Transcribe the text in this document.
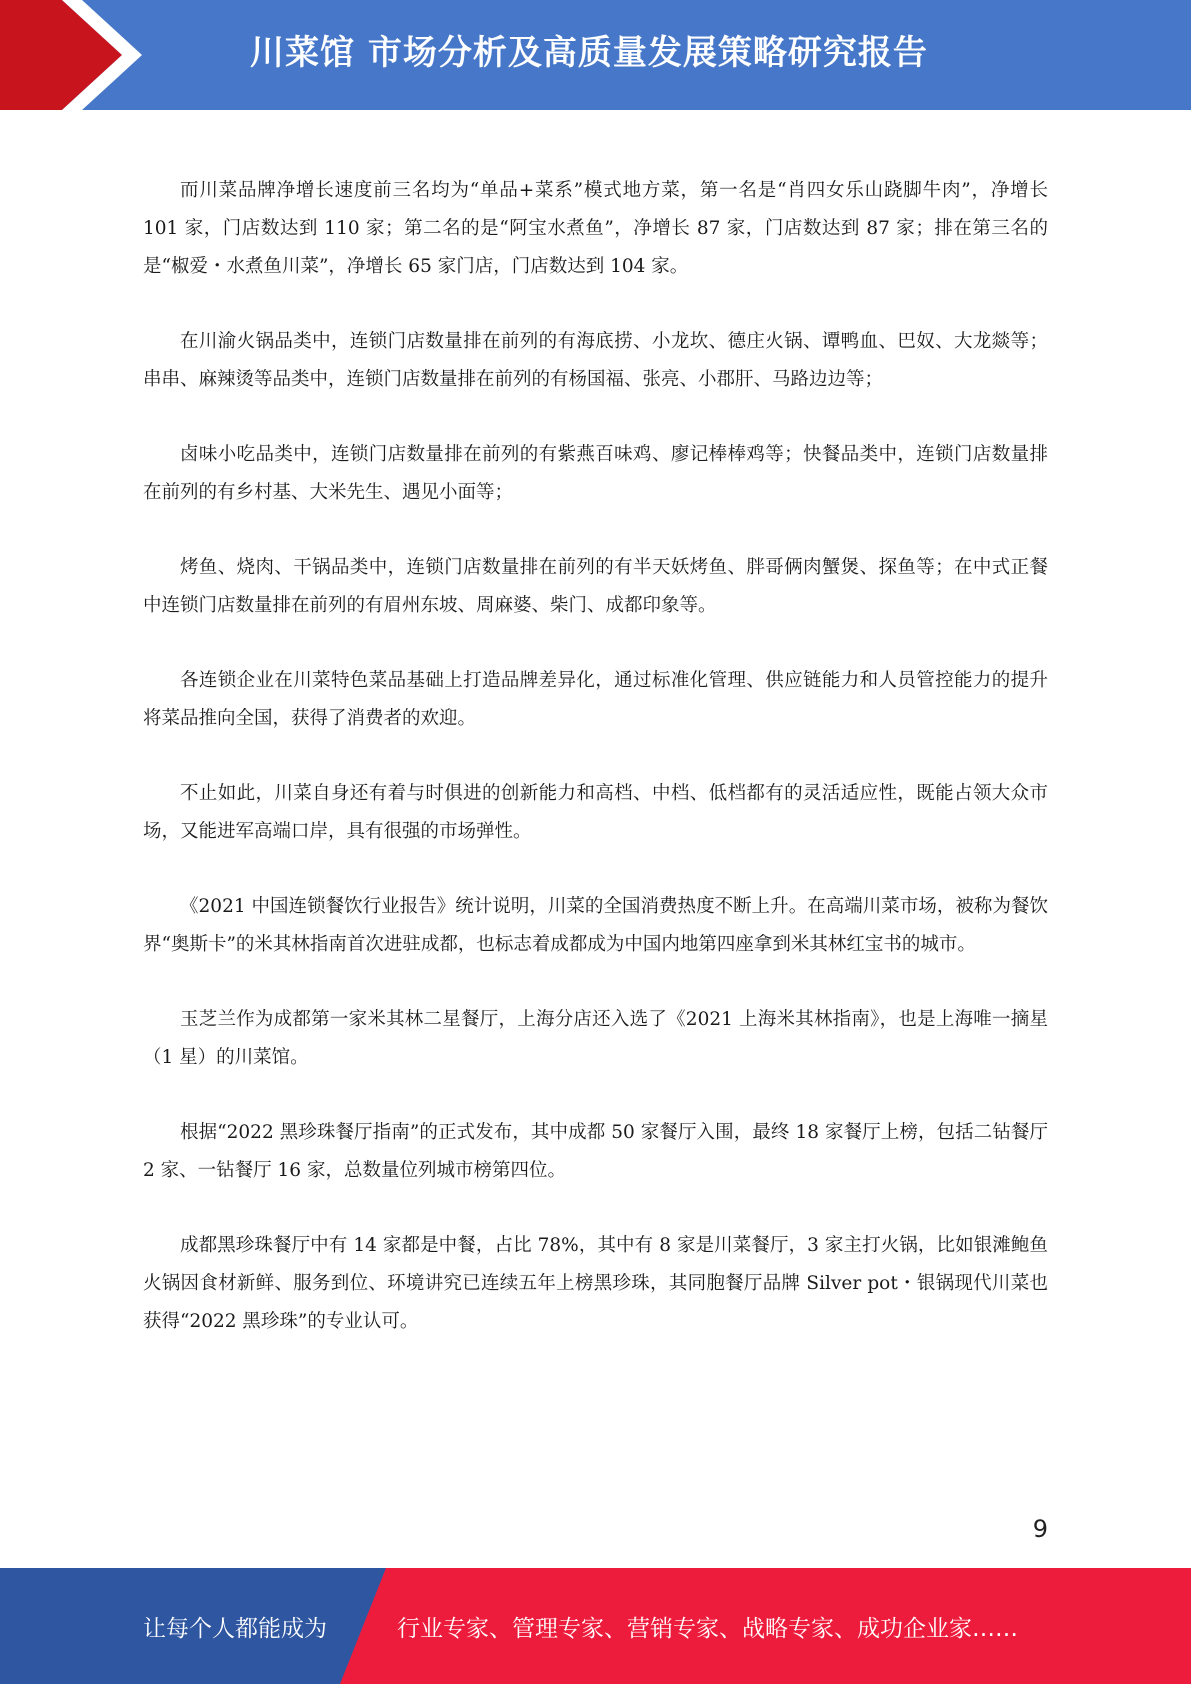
川菜馆 市场分析及高质量发展策略研究报告

而川菜品牌净增长速度前三名均为“单品+菜系”模式地方菜，第一名是“肖四女乐山跷脚牛肉”，净增长 101 家，门店数达到 110 家；第二名的是“阿宝水煮鱼”，净增长 87 家，门店数达到 87 家；排在第三名的是“椒爱・水煮鱼川菜”，净增长 65 家门店，门店数达到 104 家。

在川渝火锅品类中，连锁门店数量排在前列的有海底捞、小龙坎、德庄火锅、谭鸭血、巴奴、大龙燚等；串串、麻辣烫等品类中，连锁门店数量排在前列的有杨国福、张亮、小郡肝、马路边边等；

卤味小吃品类中，连锁门店数量排在前列的有紫燕百味鸡、廖记棒棒鸡等；快餐品类中，连锁门店数量排在前列的有乡村基、大米先生、遇见小面等；

烤鱼、烧肉、干锅品类中，连锁门店数量排在前列的有半天妖烤鱼、胖哥俩肉蟹煲、探鱼等；在中式正餐中连锁门店数量排在前列的有眉州东坡、周麻婆、柴门、成都印象等。

各连锁企业在川菜特色菜品基础上打造品牌差异化，通过标准化管理、供应链能力和人员管控能力的提升将菜品推向全国，获得了消费者的欢迎。

不止如此，川菜自身还有着与时俱进的创新能力和高档、中档、低档都有的灵活适应性，既能占领大众市场，又能进军高端口岸，具有很强的市场弹性。

《2021 中国连锁餐饮行业报告》统计说明，川菜的全国消费热度不断上升。在高端川菜市场，被称为餐饮界“奥斯卡”的米其林指南首次进驻成都，也标志着成都成为中国内地第四座拿到米其林红宝书的城市。

玉芝兰作为成都第一家米其林二星餐厅，上海分店还入选了《2021 上海米其林指南》，也是上海唯一摘星（1 星）的川菜馆。

根据“2022 黑珍珠餐厅指南”的正式发布，其中成都 50 家餐厅入围，最终 18 家餐厅上榜，包括二钻餐厅 2 家、一钻餐厅 16 家，总数量位列城市榜第四位。

成都黑珍珠餐厅中有 14 家都是中餐，占比 78%，其中有 8 家是川菜餐厅，3 家主打火锅，比如银滩鲍鱼火锅因食材新鲜、服务到位、环境讲究已连续五年上榜黑珍珠，其同胞餐厅品牌 Silver pot・银锅现代川菜也获得“2022 黑珍珠”的专业认可。

9
让每个人都能成为	行业专家、管理专家、营销专家、战略专家、成功企业家……
